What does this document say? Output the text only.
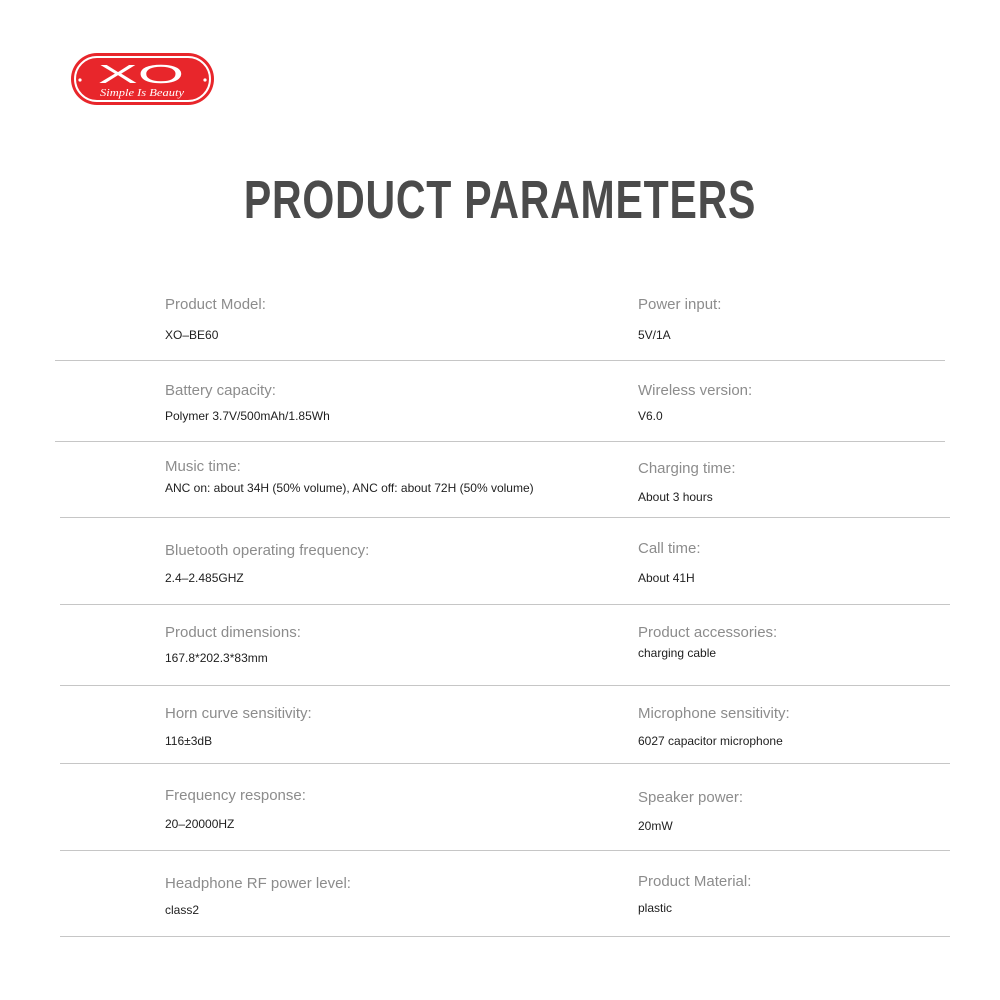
XO
Simple Is Beauty
PRODUCT PARAMETERS
Product Model:
XO–BE60
Power input:
5V/1A
Battery capacity:
Polymer 3.7V/500mAh/1.85Wh
Wireless version:
V6.0
Music time:
ANC on: about 34H (50% volume), ANC off: about 72H (50% volume)
Charging time:
About 3 hours
Bluetooth operating frequency:
2.4–2.485GHZ
Call time:
About 41H
Product dimensions:
167.8*202.3*83mm
Product accessories:
charging cable
Horn curve sensitivity:
116±3dB
Microphone sensitivity:
6027 capacitor microphone
Frequency response:
20–20000HZ
Speaker power:
20mW
Headphone RF power level:
class2
Product Material:
plastic
